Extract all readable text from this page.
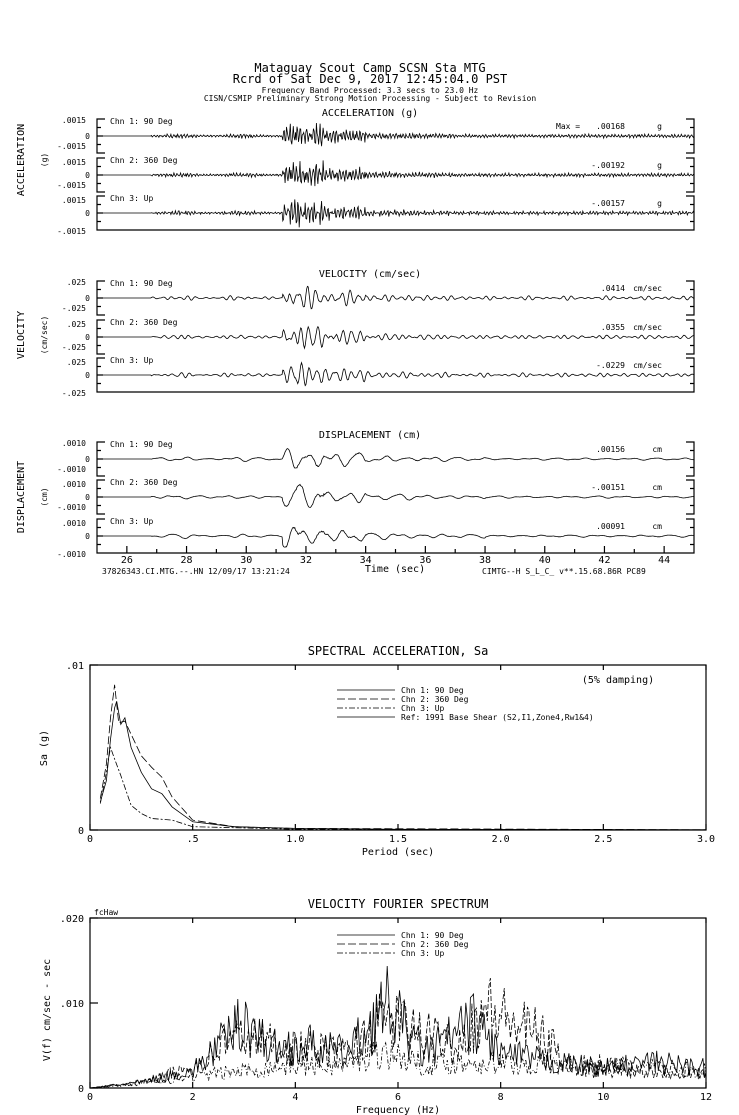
Mataguay Scout Camp SCSN Sta MTG
Rcrd of Sat Dec 9, 2017 12:45:04.0 PST
Frequency Band Processed: 3.3 secs to 23.0 Hz
CISN/CSMIP Preliminary Strong Motion Processing - Subject to Revision
ACCELERATION (g)
ACCELERATION (g)
.0015
0
-.0015
Chn 1: 90 Deg
Max = .00168	g
.0015
0
-.0015
Chn 2: 360 Deg
-.00192	g
.0015
0
-.0015
Chn 3: Up
-.00157	g
VELOCITY (cm/sec)
VELOCITY (cm/sec)
.025
0
-.025
Chn 1: 90 Deg
.0414 cm/sec
.025
0
-.025
Chn 2: 360 Deg
.0355 cm/sec
.025
0
-.025
Chn 3: Up
-.0229 cm/sec
DISPLACEMENT (cm)
DISPLACEMENT (cm)
.0010
0
-.0010
Chn 1: 90 Deg
.00156	cm
.0010
0
-.0010
Chn 2: 360 Deg
-.00151	cm
.0010
0
-.0010
Chn 3: Up
.00091	cm
26	28	30	32	34	36	38	40	42	44
37826343.CI.MTG.--.HN 12/09/17 13:21:24	Time (sec)	CIMTG--H S_L_C_ v**.15.68.86R PC89
SPECTRAL ACCELERATION, Sa
0	.5	1.0	1.5	2.0	2.5	3.0
0
.01
Period (sec)
Sa (g)
(5% damping)
Chn 1: 90 Deg
Chn 2: 360 Deg
Chn 3: Up
Ref: 1991 Base Shear (S2,I1,Zone4,Rw1&4)
VELOCITY FOURIER SPECTRUM
0	2	4	6	8	10	12
0
.010
.020
Frequency (Hz)
V(f) cm/sec - sec
fcHaw
Chn 1: 90 Deg
Chn 2: 360 Deg
Chn 3: Up
